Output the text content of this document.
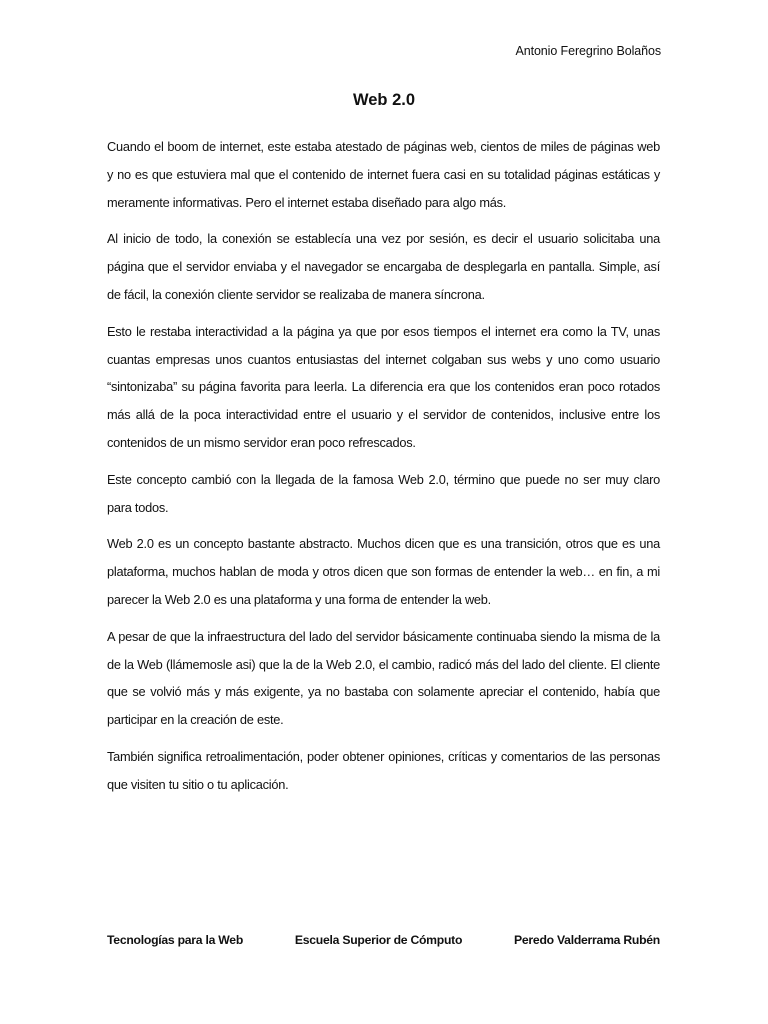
Antonio Feregrino Bolaños
Web 2.0

Cuando el boom de internet, este estaba atestado de páginas web, cientos de miles de páginas web y no es que estuviera mal que el contenido de internet fuera casi en su totalidad páginas estáticas y meramente informativas. Pero el internet estaba diseñado para algo más.

Al inicio de todo, la conexión se establecía una vez por sesión, es decir el usuario solicitaba una página que el servidor enviaba y el navegador se encargaba de desplegarla en pantalla. Simple, así de fácil, la conexión cliente servidor se realizaba de manera síncrona.

Esto le restaba interactividad a la página ya que por esos tiempos el internet era como la TV, unas cuantas empresas unos cuantos entusiastas del internet colgaban sus webs y uno como usuario “sintonizaba” su página favorita para leerla. La diferencia era que los contenidos eran poco rotados más allá de la poca interactividad entre el usuario y el servidor de contenidos, inclusive entre los contenidos de un mismo servidor eran poco refrescados.

Este concepto cambió con la llegada de la famosa Web 2.0, término que puede no ser muy claro para todos.

Web 2.0 es un concepto bastante abstracto. Muchos dicen que es una transición, otros que es una plataforma, muchos hablan de moda y otros dicen que son formas de entender la web… en fin, a mi parecer la Web 2.0 es una plataforma y una forma de entender la web.

A pesar de que la infraestructura del lado del servidor básicamente continuaba siendo la misma de la de la Web (llámemosle asi) que la de la Web 2.0, el cambio, radicó más del lado del cliente. El cliente que se volvió más y más exigente, ya no bastaba con solamente apreciar el contenido, había que participar en la creación de este.

También significa retroalimentación, poder obtener opiniones, críticas y comentarios de las personas que visiten tu sitio o tu aplicación.

Tecnologías para la Web	Escuela Superior de Cómputo	Peredo Valderrama Rubén
